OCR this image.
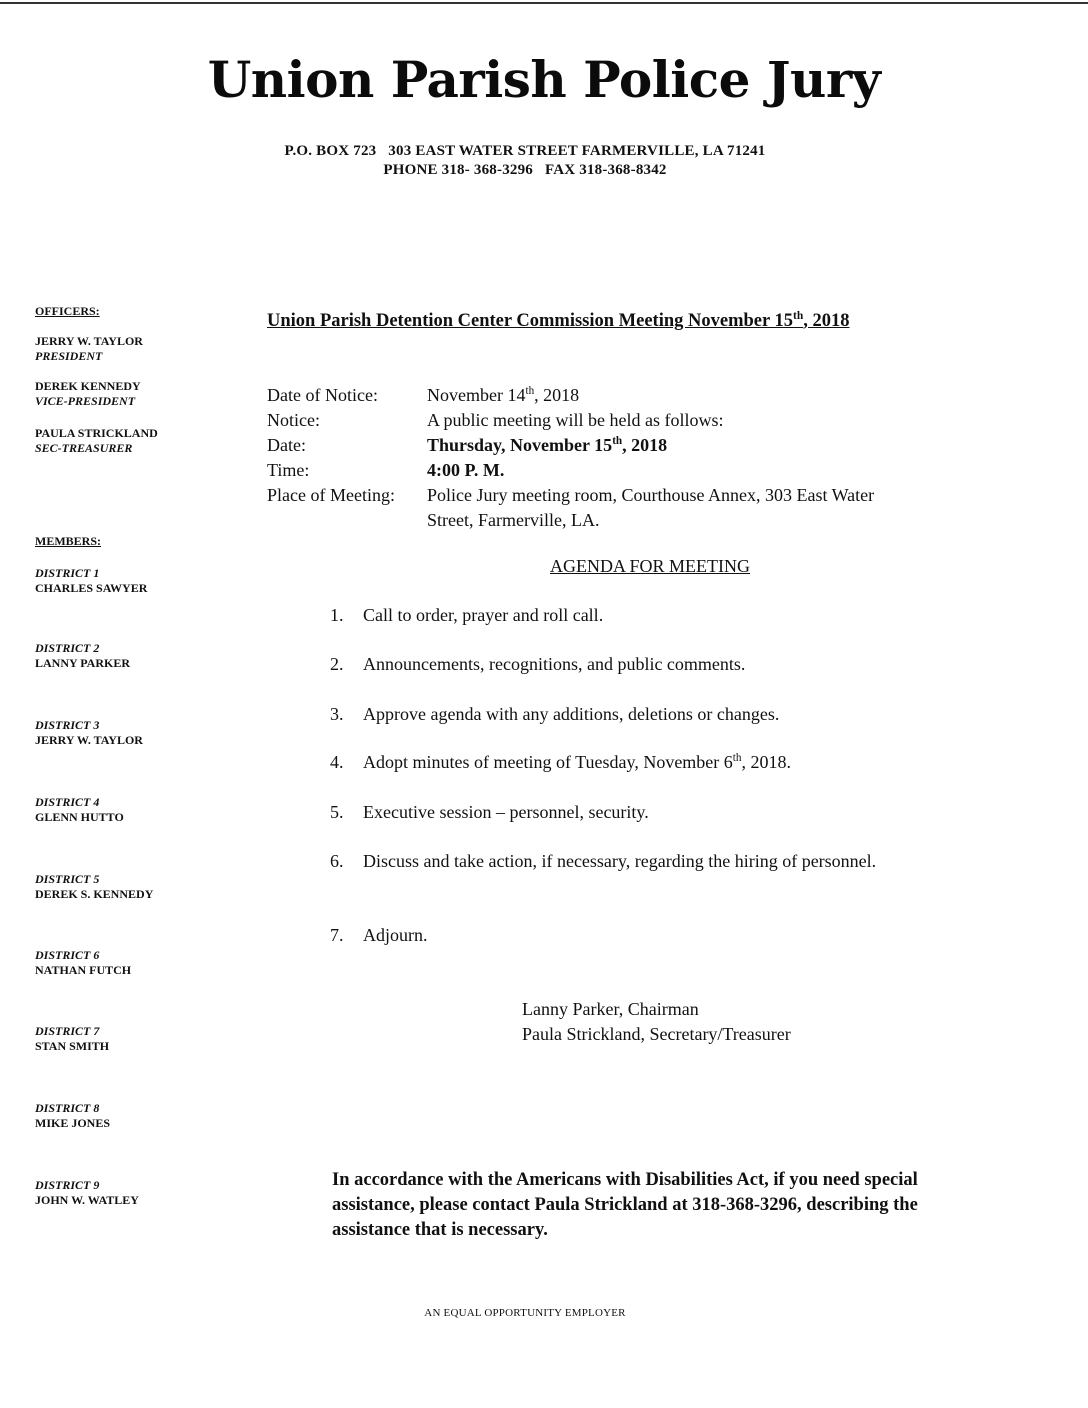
Union Parish Police Jury
P.O. BOX 723 303 EAST WATER STREET FARMERVILLE, LA 71241
PHONE 318- 368-3296 FAX 318-368-8342
OFFICERS:
JERRY W. TAYLOR
PRESIDENT
DEREK KENNEDY
VICE-PRESIDENT
PAULA STRICKLAND
SEC-TREASURER
MEMBERS:
DISTRICT 1
CHARLES SAWYER
DISTRICT 2
LANNY PARKER
DISTRICT 3
JERRY W. TAYLOR
DISTRICT 4
GLENN HUTTO
DISTRICT 5
DEREK S. KENNEDY
DISTRICT 6
NATHAN FUTCH
DISTRICT 7
STAN SMITH
DISTRICT 8
MIKE JONES
DISTRICT 9
JOHN W. WATLEY
Union Parish Detention Center Commission Meeting November 15th, 2018
Date of Notice:	November 14th, 2018
Notice:	A public meeting will be held as follows:
Date:	Thursday, November 15th, 2018
Time:	4:00 P. M.
Place of Meeting:	Police Jury meeting room, Courthouse Annex, 303 East Water
Street, Farmerville, LA.
AGENDA FOR MEETING
1.	Call to order, prayer and roll call.
2.	Announcements, recognitions, and public comments.
3.	Approve agenda with any additions, deletions or changes.
4.	Adopt minutes of meeting of Tuesday, November 6th, 2018.
5.	Executive session – personnel, security.
6.	Discuss and take action, if necessary, regarding the hiring of personnel.
7.	Adjourn.
Lanny Parker, Chairman
Paula Strickland, Secretary/Treasurer
In accordance with the Americans with Disabilities Act, if you need special assistance, please contact Paula Strickland at 318-368-3296, describing the assistance that is necessary.
AN EQUAL OPPORTUNITY EMPLOYER
